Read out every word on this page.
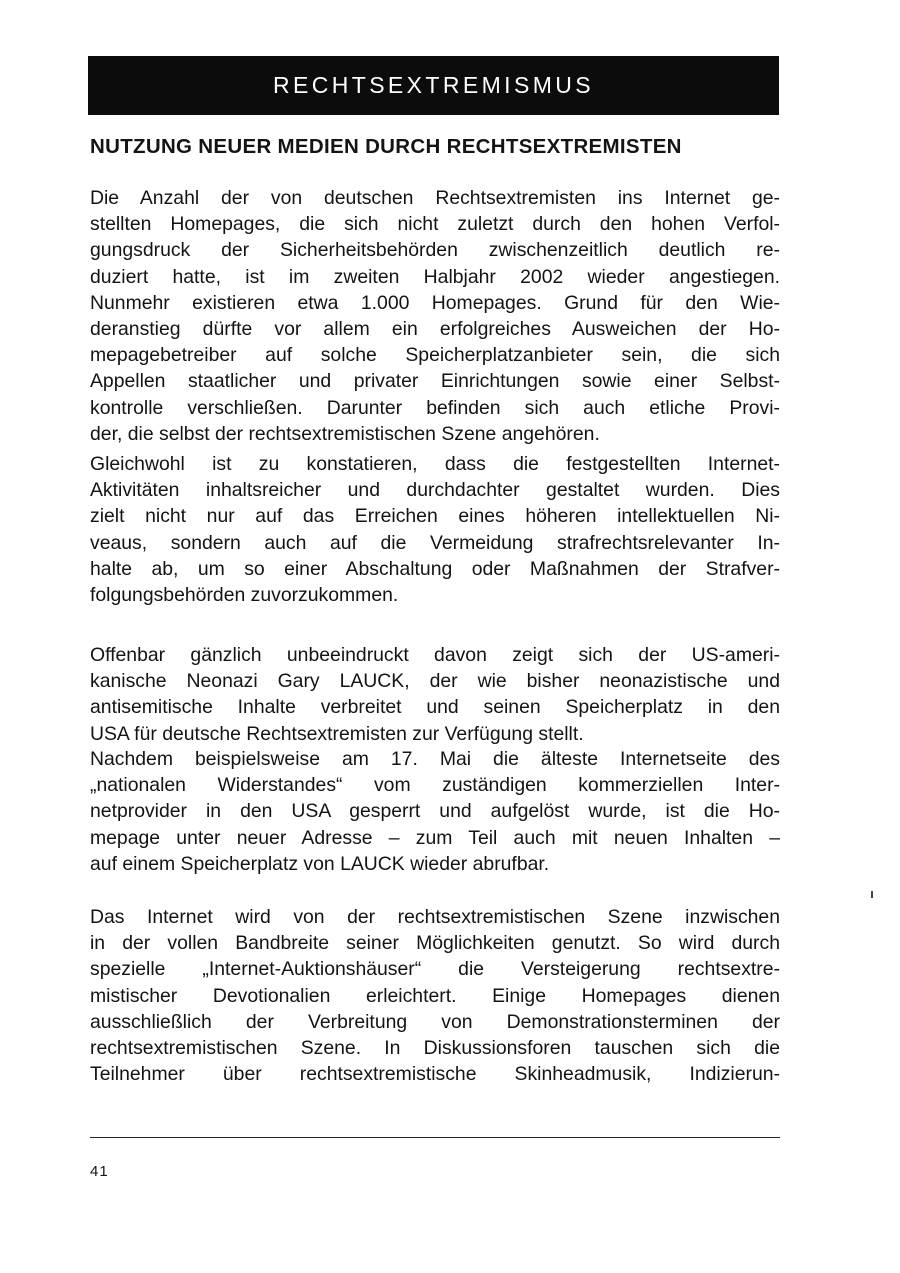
RECHTSEXTREMISMUS
NUTZUNG NEUER MEDIEN DURCH RECHTSEXTREMISTEN
Die Anzahl der von deutschen Rechtsextremisten ins Internet ge-
stellten Homepages, die sich nicht zuletzt durch den hohen Verfol-
gungsdruck der Sicherheitsbehörden zwischenzeitlich deutlich re-
duziert hatte, ist im zweiten Halbjahr 2002 wieder angestiegen.
Nunmehr existieren etwa 1.000 Homepages. Grund für den Wie-
deranstieg dürfte vor allem ein erfolgreiches Ausweichen der Ho-
mepagebetreiber auf solche Speicherplatzanbieter sein, die sich
Appellen staatlicher und privater Einrichtungen sowie einer Selbst-
kontrolle verschließen. Darunter befinden sich auch etliche Provi-
der, die selbst der rechtsextremistischen Szene angehören.
Gleichwohl ist zu konstatieren, dass die festgestellten Internet-
Aktivitäten inhaltsreicher und durchdachter gestaltet wurden. Dies
zielt nicht nur auf das Erreichen eines höheren intellektuellen Ni-
veaus, sondern auch auf die Vermeidung strafrechtsrelevanter In-
halte ab, um so einer Abschaltung oder Maßnahmen der Strafver-
folgungsbehörden zuvorzukommen.
Offenbar gänzlich unbeeindruckt davon zeigt sich der US-ameri-
kanische Neonazi Gary LAUCK, der wie bisher neonazistische und
antisemitische Inhalte verbreitet und seinen Speicherplatz in den
USA für deutsche Rechtsextremisten zur Verfügung stellt.
Nachdem beispielsweise am 17. Mai die älteste Internetseite des
„nationalen Widerstandes“ vom zuständigen kommerziellen Inter-
netprovider in den USA gesperrt und aufgelöst wurde, ist die Ho-
mepage unter neuer Adresse – zum Teil auch mit neuen Inhalten –
auf einem Speicherplatz von LAUCK wieder abrufbar.
Das Internet wird von der rechtsextremistischen Szene inzwischen
in der vollen Bandbreite seiner Möglichkeiten genutzt. So wird durch
spezielle „Internet-Auktionshäuser“ die Versteigerung rechtsextre-
mistischer Devotionalien erleichtert. Einige Homepages dienen
ausschließlich der Verbreitung von Demonstrationsterminen der
rechtsextremistischen Szene. In Diskussionsforen tauschen sich die
Teilnehmer über rechtsextremistische Skinheadmusik, Indizierun-
41
